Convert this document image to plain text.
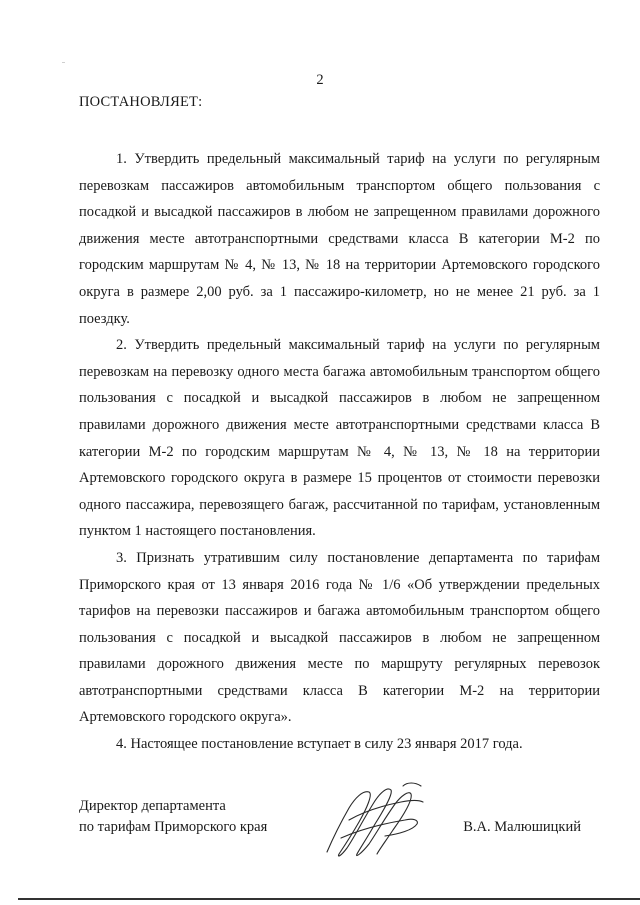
2
ПОСТАНОВЛЯЕТ:

1. Утвердить предельный максимальный тариф на услуги по регулярным перевозкам пассажиров автомобильным транспортом общего пользования с посадкой и высадкой пассажиров в любом не запрещенном правилами дорожного движения месте автотранспортными средствами класса В категории М-2 по городским маршрутам № 4, № 13, № 18 на территории Артемовского городского округа в размере 2,00 руб. за 1 пассажиро-километр, но не менее 21 руб. за 1 поездку.

2. Утвердить предельный максимальный тариф на услуги по регулярным перевозкам на перевозку одного места багажа автомобильным транспортом общего пользования с посадкой и высадкой пассажиров в любом не запрещенном правилами дорожного движения месте автотранспортными средствами класса В категории М-2 по городским маршрутам № 4, № 13, № 18 на территории Артемовского городского округа в размере 15 процентов от стоимости перевозки одного пассажира, перевозящего багаж, рассчитанной по тарифам, установленным пунктом 1 настоящего постановления.

3. Признать утратившим силу постановление департамента по тарифам Приморского края от 13 января 2016 года № 1/6 «Об утверждении предельных тарифов на перевозки пассажиров и багажа автомобильным транспортом общего пользования с посадкой и высадкой пассажиров в любом не запрещенном правилами дорожного движения месте по маршруту регулярных перевозок автотранспортными средствами класса В категории М-2 на территории Артемовского городского округа».

4. Настоящее постановление вступает в силу 23 января 2017 года.

Директор департамента
по тарифам Приморского края	В.А. Малюшицкий
